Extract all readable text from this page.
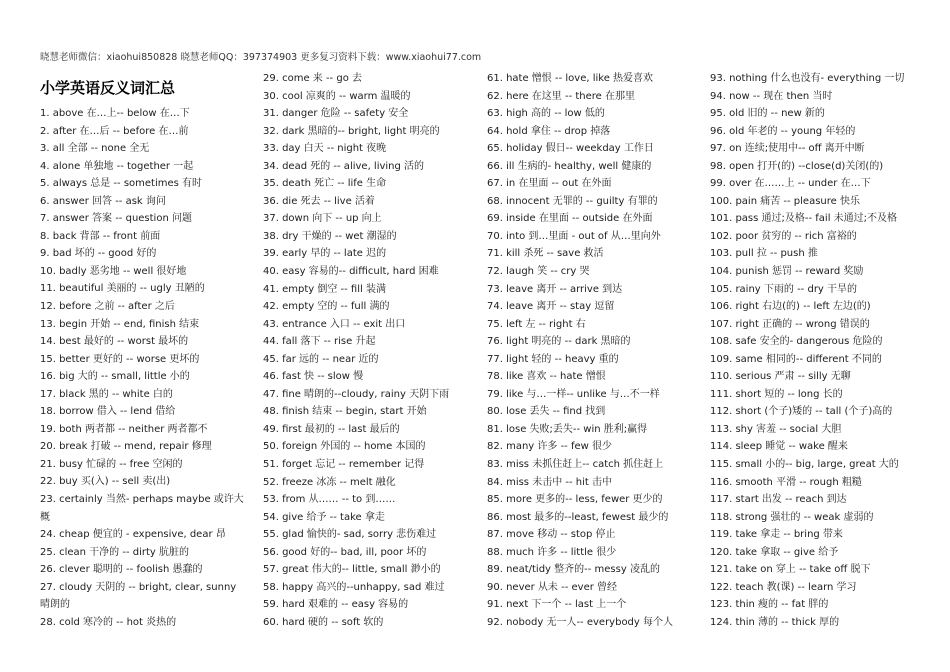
晓慧老师微信：xiaohui850828 晓慧老师QQ：397374903 更多复习资料下载：www.xiaohui77.com
小学英语反义词汇总
1. above 在…上-- below 在…下
2. after 在…后 -- before 在…前
3. all 全部 -- none 全无
4. alone 单独地 -- together 一起
5. always 总是 -- sometimes 有时
6. answer 回答 -- ask 询问
7. answer 答案 -- question 问题
8. back 背部 -- front 前面
9. bad 坏的 -- good 好的
10. badly 恶劣地 -- well 很好地
11. beautiful 美丽的 -- ugly 丑陋的
12. before 之前 -- after 之后
13. begin 开始 -- end, finish 结束
14. best 最好的 -- worst 最坏的
15. better 更好的 -- worse 更坏的
16. big 大的 -- small, little 小的
17. black 黑的 -- white 白的
18. borrow 借入 -- lend 借给
19. both 两者都 -- neither 两者都不
20. break 打破 -- mend, repair 修理
21. busy 忙碌的 -- free 空闲的
22. buy 买(入) -- sell 卖(出)
23. certainly 当然- perhaps maybe 或许大概
24. cheap 便宜的 - expensive, dear 昂
25. clean 干净的 -- dirty 肮脏的
26. clever 聪明的 -- foolish 愚蠢的
27. cloudy 天阴的 -- bright, clear, sunny 晴朗的
28. cold 寒冷的 -- hot 炎热的
29. come 来 -- go 去
30. cool 凉爽的 -- warm 温暖的
31. danger 危险 -- safety 安全
32. dark 黑暗的-- bright, light 明亮的
33. day 白天 -- night 夜晚
34. dead 死的 -- alive, living 活的
35. death 死亡 -- life 生命
36. die 死去 -- live 活着
37. down 向下 -- up 向上
38. dry 干燥的 -- wet 潮湿的
39. early 早的 -- late 迟的
40. easy 容易的-- difficult, hard 困难
41. empty 倒空 -- fill 装满
42. empty 空的 -- full 满的
43. entrance 入口 -- exit 出口
44. fall 落下 -- rise 升起
45. far 远的 -- near 近的
46. fast 快 -- slow 慢
47. fine 晴朗的--cloudy, rainy 天阴下雨
48. finish 结束 -- begin, start 开始
49. first 最初的 -- last 最后的
50. foreign 外国的 -- home 本国的
51. forget 忘记 -- remember 记得
52. freeze 冰冻 -- melt 融化
53. from 从…… -- to 到……
54. give 给予 -- take 拿走
55. glad 愉快的- sad, sorry 悲伤难过
56. good 好的-- bad, ill, poor 坏的
57. great 伟大的-- little, small 渺小的
58. happy 高兴的--unhappy, sad 难过
59. hard 艰难的 -- easy 容易的
60. hard 硬的 -- soft 软的
61. hate 憎恨 -- love, like 热爱喜欢
62. here 在这里 -- there 在那里
63. high 高的 -- low 低的
64. hold 拿住 -- drop 掉落
65. holiday 假日-- weekday 工作日
66. ill 生病的- healthy, well 健康的
67. in 在里面 -- out 在外面
68. innocent 无罪的 -- guilty 有罪的
69. inside 在里面 -- outside 在外面
70. into 到…里面 - out of 从…里向外
71. kill 杀死 -- save 救活
72. laugh 笑 -- cry 哭
73. leave 离开 -- arrive 到达
74. leave 离开 -- stay 逗留
75. left 左 -- right 右
76. light 明亮的 -- dark 黑暗的
77. light 轻的 -- heavy 重的
78. like 喜欢 -- hate 憎恨
79. like 与…一样-- unlike 与…不一样
80. lose 丢失 -- find 找到
81. lose 失败;丢失-- win 胜利;赢得
82. many 许多 -- few 很少
83. miss 未抓住赶上-- catch 抓住赶上
84. miss 未击中 -- hit 击中
85. more 更多的-- less, fewer 更少的
86. most 最多的--least, fewest 最少的
87. move 移动 -- stop 停止
88. much 许多 -- little 很少
89. neat/tidy 整齐的-- messy 凌乱的
90. never 从未 -- ever 曾经
91. next 下一个 -- last 上一个
92. nobody 无一人-- everybody 每个人
93. nothing 什么也没有- everything 一切
94. now -- 现在 then 当时
95. old 旧的 -- new 新的
96. old 年老的 -- young 年轻的
97. on 连续;使用中-- off 离开中断
98. open 打开(的) --close(d)关闭(的)
99. over 在……上 -- under 在…下
100. pain 痛苦 -- pleasure 快乐
101. pass 通过;及格-- fail 未通过;不及格
102. poor 贫穷的 -- rich 富裕的
103. pull 拉 -- push 推
104. punish 惩罚 -- reward 奖励
105. rainy 下雨的 -- dry 干旱的
106. right 右边(的) -- left 左边(的)
107. right 正确的 -- wrong 错误的
108. safe 安全的- dangerous 危险的
109. same 相同的-- different 不同的
110. serious 严肃 -- silly 无聊
111. short 短的 -- long 长的
112. short (个子)矮的 -- tall (个子)高的
113. shy 害羞 -- social 大胆
114. sleep 睡觉 -- wake 醒来
115. small 小的-- big, large, great 大的
116. smooth 平滑 -- rough 粗糙
117. start 出发 -- reach 到达
118. strong 强壮的 -- weak 虚弱的
119. take 拿走 -- bring 带来
120. take 拿取 -- give 给予
121. take on 穿上 -- take off 脱下
122. teach 教(课) -- learn 学习
123. thin 瘦的 -- fat 胖的
124. thin 薄的 -- thick 厚的
